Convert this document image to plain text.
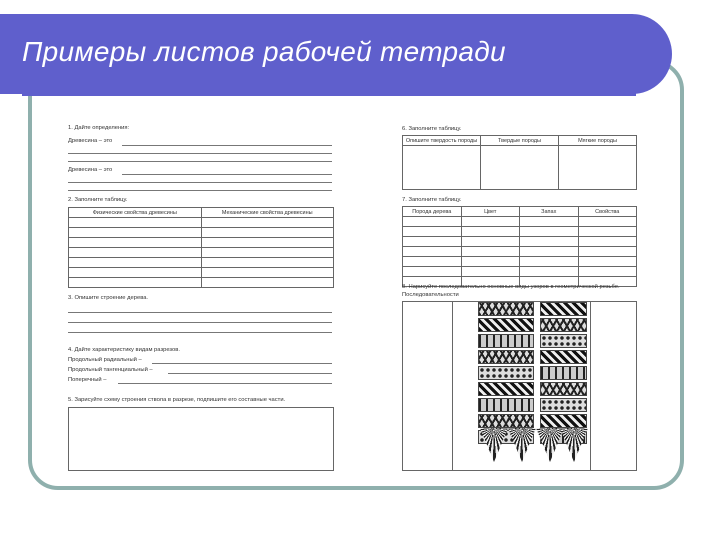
Примеры листов рабочей тетради
1. Дайте определения:
Древесина – это
Древесина – это
2. Заполните таблицу.
Физические свойства древесины	Механические свойства древесины

3. Опишите строение дерева.
4. Дайте характеристику видам разрезов.
Продольный радиальный –
Продольный тангенциальный –
Поперечный –
5. Зарисуйте схему строения ствола в разрезе, подпишите его составные части.
6. Заполните таблицу.
Опишите твердость породы	Твердые породы	Мягкие породы

7. Заполните таблицу.
Порода дерева	Цвет	Запах	Свойства

8. Нарисуйте последовательно основные виды узоров в геометрической резьбе.
Последовательности
